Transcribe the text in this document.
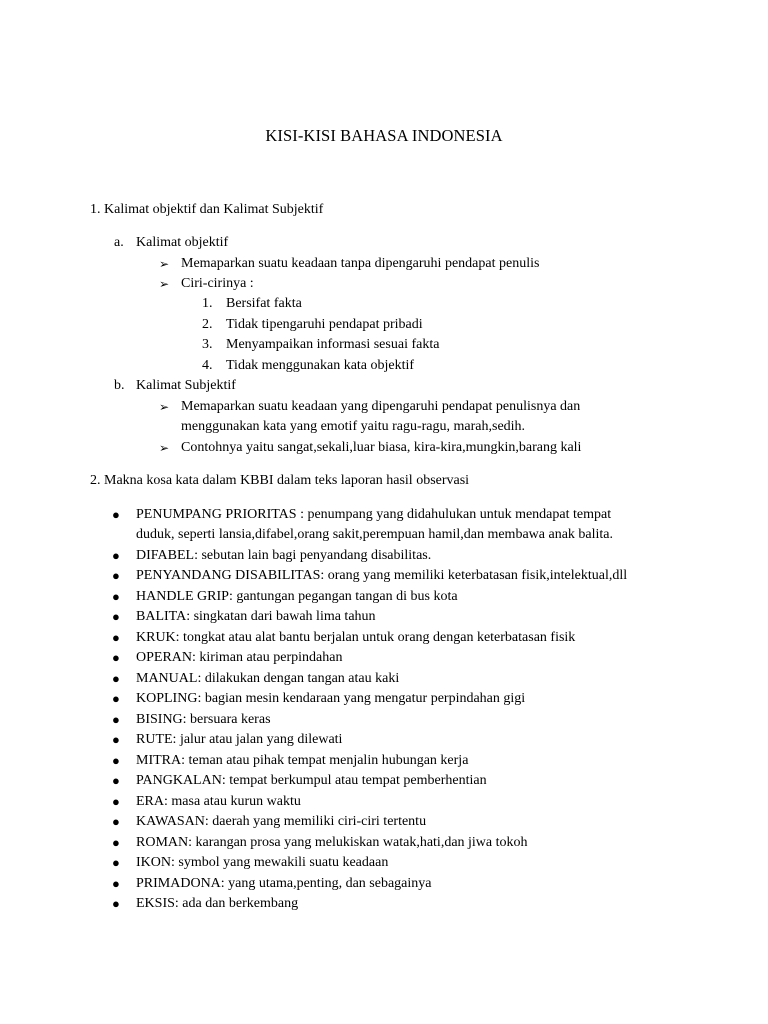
KISI-KISI BAHASA INDONESIA
1. Kalimat objektif dan Kalimat Subjektif
a. Kalimat objektif
➢ Memaparkan suatu keadaan tanpa dipengaruhi pendapat penulis
➢ Ciri-cirinya :
1. Bersifat fakta
2. Tidak tipengaruhi pendapat pribadi
3. Menyampaikan informasi sesuai fakta
4. Tidak menggunakan kata objektif
b. Kalimat Subjektif
➢ Memaparkan suatu keadaan yang dipengaruhi pendapat penulisnya dan
menggunakan kata yang emotif yaitu ragu-ragu, marah,sedih.
➢ Contohnya yaitu sangat,sekali,luar biasa, kira-kira,mungkin,barang kali
2. Makna kosa kata dalam KBBI dalam teks laporan hasil observasi
● PENUMPANG PRIORITAS : penumpang yang didahulukan untuk mendapat tempat
duduk, seperti lansia,difabel,orang sakit,perempuan hamil,dan membawa anak balita.
● DIFABEL: sebutan lain bagi penyandang disabilitas.
● PENYANDANG DISABILITAS: orang yang memiliki keterbatasan fisik,intelektual,dll
● HANDLE GRIP: gantungan pegangan tangan di bus kota
● BALITA: singkatan dari bawah lima tahun
● KRUK: tongkat atau alat bantu berjalan untuk orang dengan keterbatasan fisik
● OPERAN: kiriman atau perpindahan
● MANUAL: dilakukan dengan tangan atau kaki
● KOPLING: bagian mesin kendaraan yang mengatur perpindahan gigi
● BISING: bersuara keras
● RUTE: jalur atau jalan yang dilewati
● MITRA: teman atau pihak tempat menjalin hubungan kerja
● PANGKALAN: tempat berkumpul atau tempat pemberhentian
● ERA: masa atau kurun waktu
● KAWASAN: daerah yang memiliki ciri-ciri tertentu
● ROMAN: karangan prosa yang melukiskan watak,hati,dan jiwa tokoh
● IKON: symbol yang mewakili suatu keadaan
● PRIMADONA: yang utama,penting, dan sebagainya
● EKSIS: ada dan berkembang
